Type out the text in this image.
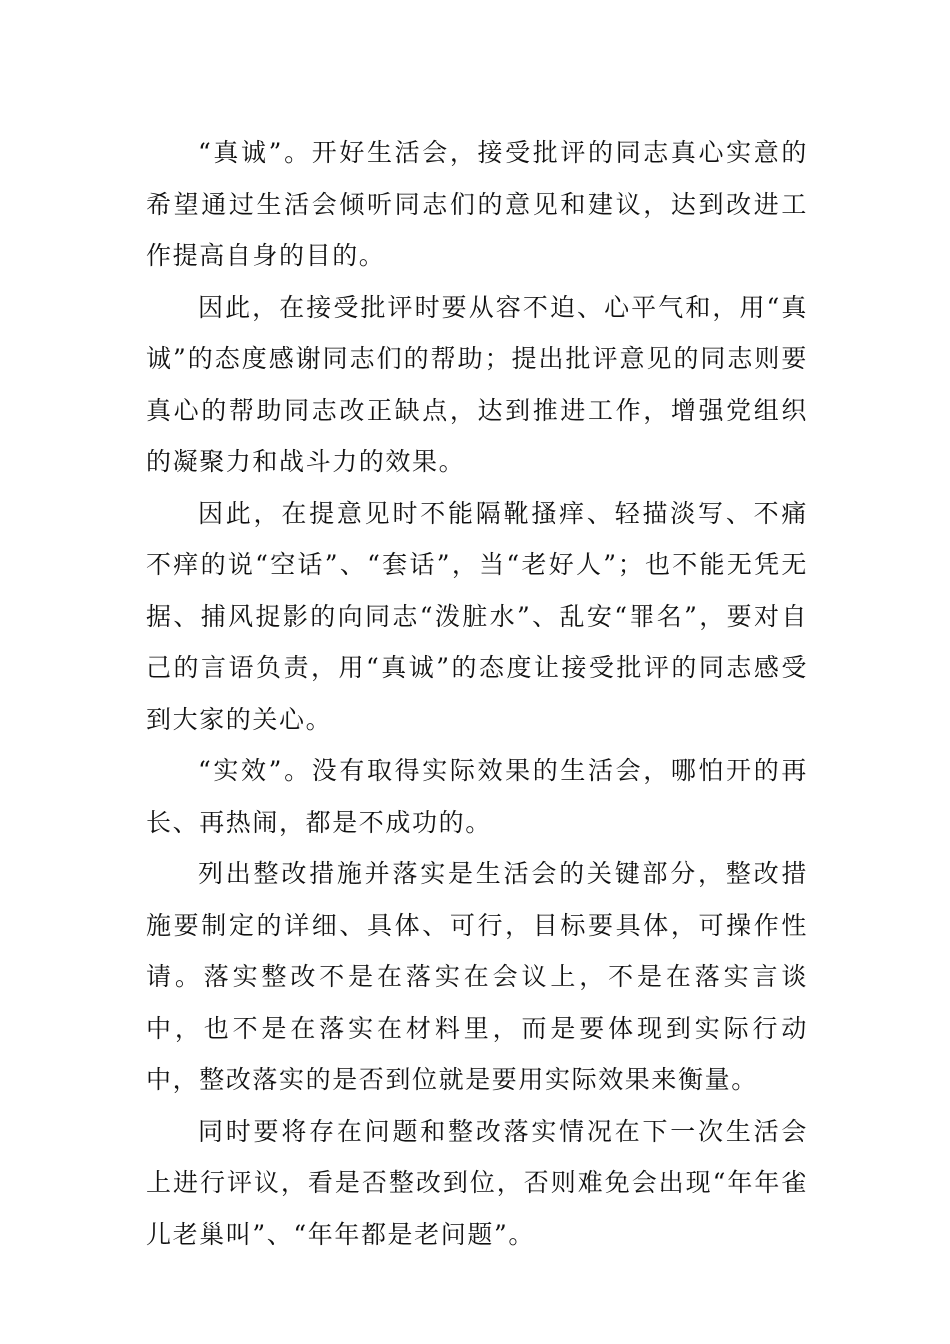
“真诚”。开好生活会，接受批评的同志真心实意的希望通过生活会倾听同志们的意见和建议，达到改进工作提高自身的目的。

因此，在接受批评时要从容不迫、心平气和，用“真诚”的态度感谢同志们的帮助；提出批评意见的同志则要真心的帮助同志改正缺点，达到推进工作，增强党组织的凝聚力和战斗力的效果。

因此，在提意见时不能隔靴搔痒、轻描淡写、不痛不痒的说“空话”、“套话”，当“老好人”；也不能无凭无据、捕风捉影的向同志“泼脏水”、乱安“罪名”，要对自己的言语负责，用“真诚”的态度让接受批评的同志感受到大家的关心。

“实效”。没有取得实际效果的生活会，哪怕开的再长、再热闹，都是不成功的。

列出整改措施并落实是生活会的关键部分，整改措施要制定的详细、具体、可行，目标要具体，可操作性请。落实整改不是在落实在会议上，不是在落实言谈中，也不是在落实在材料里，而是要体现到实际行动中，整改落实的是否到位就是要用实际效果来衡量。

同时要将存在问题和整改落实情况在下一次生活会上进行评议，看是否整改到位，否则难免会出现“年年雀儿老巢叫”、“年年都是老问题”。
